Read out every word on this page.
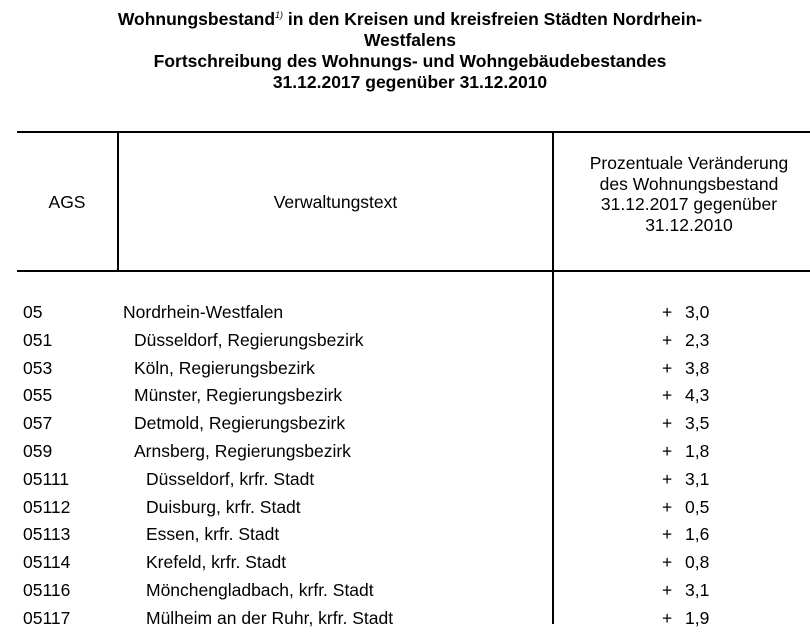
Wohnungsbestand$^{1)}$ in den Kreisen und kreisfreien Städten Nordrhein-
Westfalens
Fortschreibung des Wohnungs- und Wohngebäudebestandes
31.12.2017 gegenüber 31.12.2010
AGS	Verwaltungstext
Prozentuale Veränderung
des Wohnungsbestand
31.12.2017 gegenüber
31.12.2010
05	Nordrhein-Westfalen	+ 3,0
051	Düsseldorf, Regierungsbezirk	+ 2,3
053	Köln, Regierungsbezirk	+ 3,8
055	Münster, Regierungsbezirk	+ 4,3
057	Detmold, Regierungsbezirk	+ 3,5
059	Arnsberg, Regierungsbezirk	+ 1,8
05111	Düsseldorf, krfr. Stadt	+ 3,1
05112	Duisburg, krfr. Stadt	+ 0,5
05113	Essen, krfr. Stadt	+ 1,6
05114	Krefeld, krfr. Stadt	+ 0,8
05116	Mönchengladbach, krfr. Stadt	+ 3,1
05117	Mülheim an der Ruhr, krfr. Stadt	+ 1,9
